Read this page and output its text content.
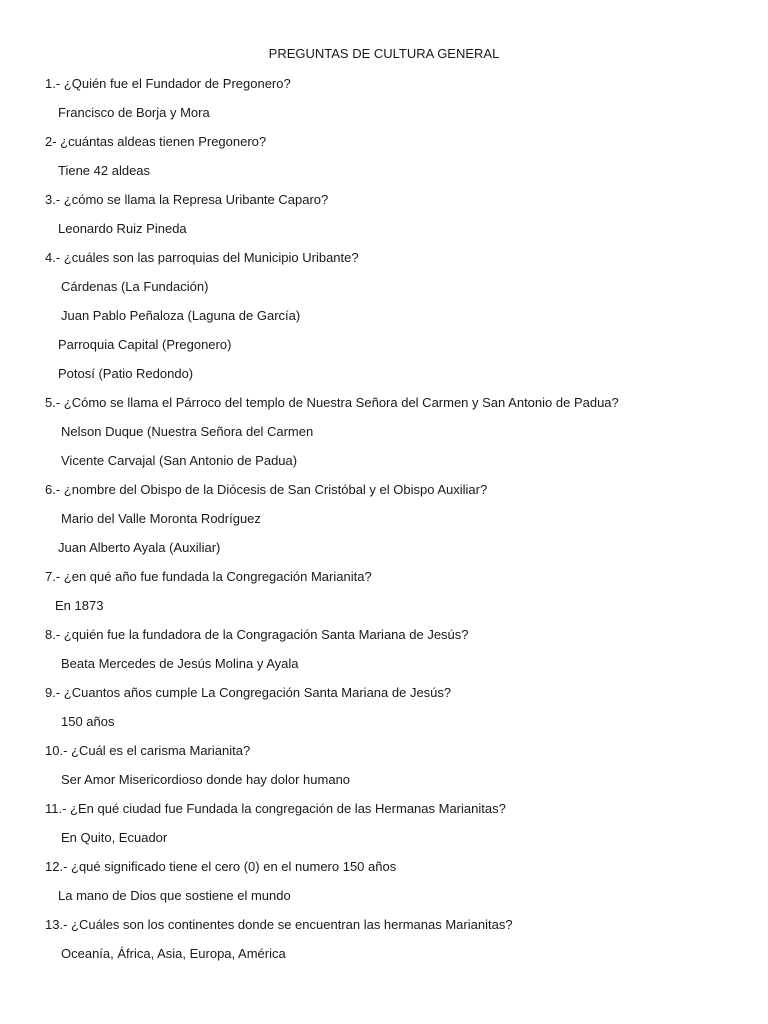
PREGUNTAS DE CULTURA GENERAL
1.- ¿Quién fue el Fundador de Pregonero?
Francisco de Borja y Mora
2- ¿cuántas aldeas tienen Pregonero?
Tiene 42 aldeas
3.- ¿cómo se llama la Represa Uribante Caparo?
Leonardo Ruiz Pineda
4.- ¿cuáles son las parroquias del Municipio Uribante?
Cárdenas (La Fundación)
Juan Pablo Peñaloza (Laguna de García)
Parroquia Capital (Pregonero)
Potosí (Patio Redondo)
5.- ¿Cómo se llama el Párroco del templo de Nuestra Señora del Carmen y San Antonio de Padua?
Nelson Duque (Nuestra Señora del Carmen
Vicente Carvajal (San Antonio de Padua)
6.- ¿nombre del Obispo de la Diócesis de San Cristóbal y el Obispo Auxiliar?
Mario del Valle Moronta Rodríguez
Juan Alberto Ayala (Auxiliar)
7.- ¿en qué año fue fundada la Congregación Marianita?
En 1873
8.- ¿quién fue la fundadora de la Congragación Santa Mariana de Jesús?
Beata Mercedes de Jesús Molina y Ayala
9.- ¿Cuantos años cumple La Congregación Santa Mariana de Jesús?
150 años
10.- ¿Cuál es el carisma Marianita?
Ser Amor Misericordioso donde hay dolor humano
11.- ¿En qué ciudad fue Fundada la congregación de las Hermanas Marianitas?
En Quito, Ecuador
12.- ¿qué significado tiene el cero (0) en el numero 150 años
La mano de Dios que sostiene el mundo
13.- ¿Cuáles son los continentes donde se encuentran las hermanas Marianitas?
Oceanía, África, Asia, Europa, América
